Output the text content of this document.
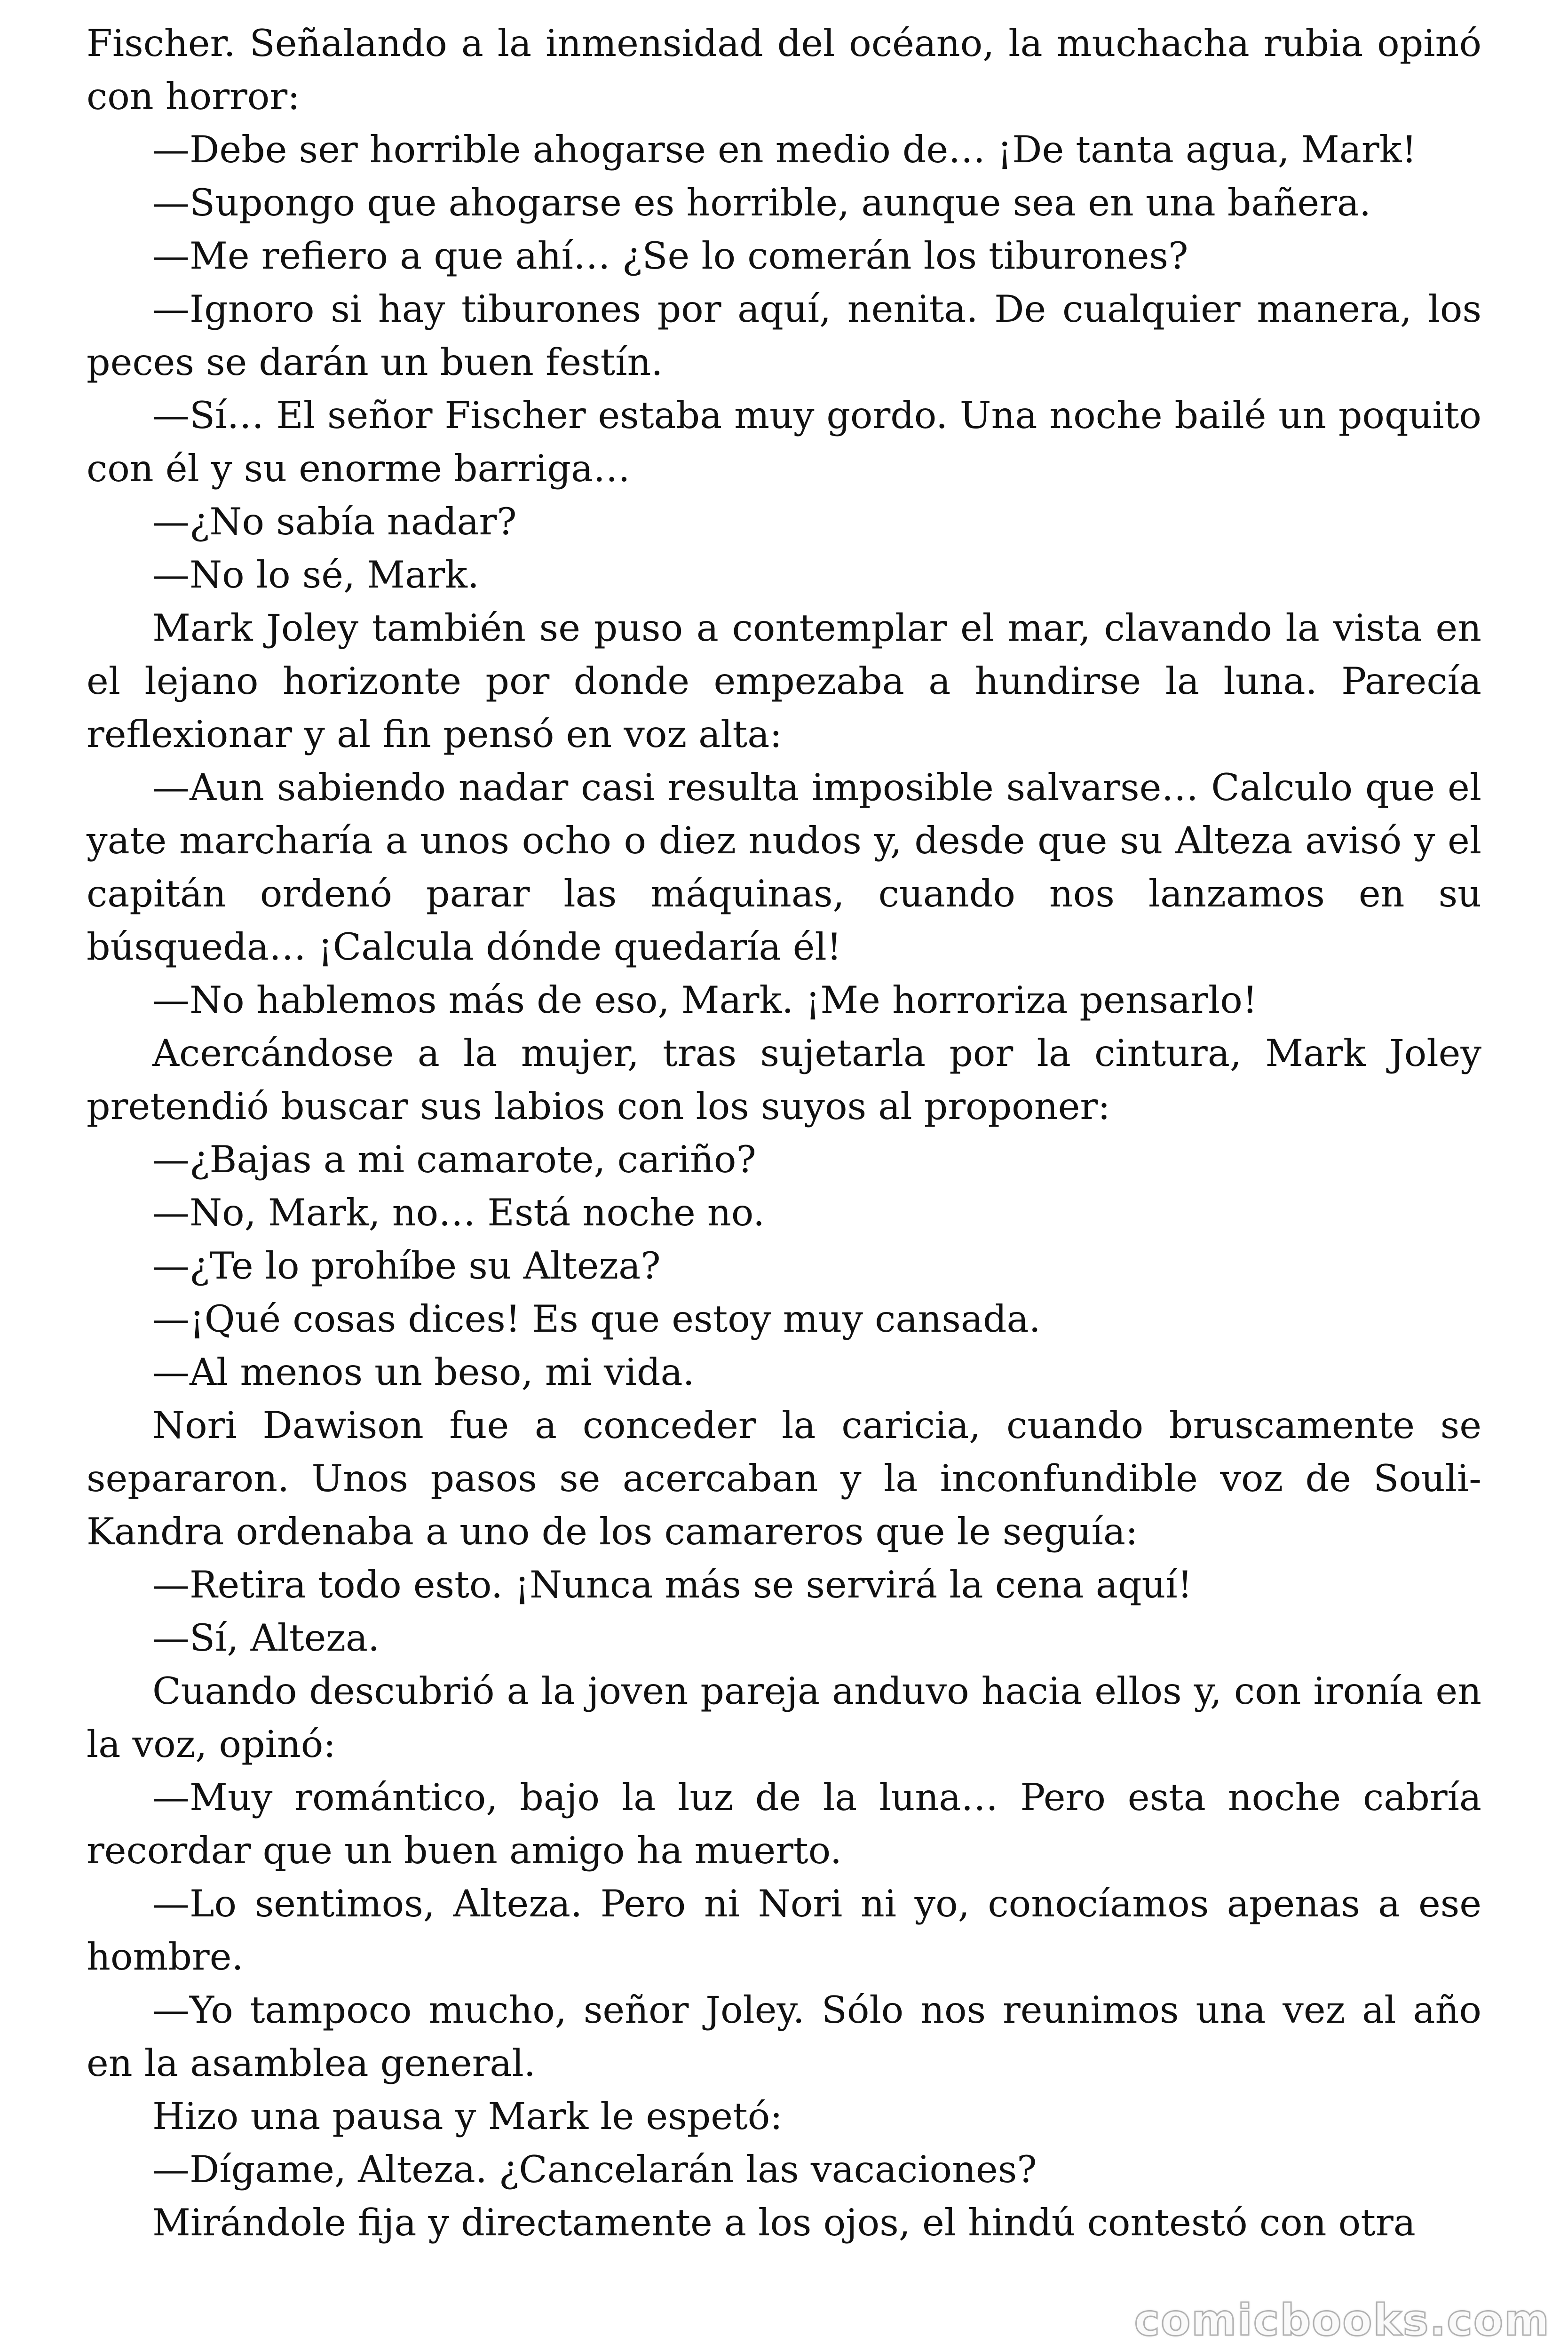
Fischer. Señalando a la inmensidad del océano, la muchacha rubia opinó con horror:

—Debe ser horrible ahogarse en medio de… ¡De tanta agua, Mark!

—Supongo que ahogarse es horrible, aunque sea en una bañera.

—Me refiero a que ahí… ¿Se lo comerán los tiburones?

—Ignoro si hay tiburones por aquí, nenita. De cualquier manera, los peces se darán un buen festín.

—Sí… El señor Fischer estaba muy gordo. Una noche bailé un poquito con él y su enorme barriga…

—¿No sabía nadar?

—No lo sé, Mark.

Mark Joley también se puso a contemplar el mar, clavando la vista en el lejano horizonte por donde empezaba a hundirse la luna. Parecía reflexionar y al fin pensó en voz alta:

—Aun sabiendo nadar casi resulta imposible salvarse… Calculo que el yate marcharía a unos ocho o diez nudos y, desde que su Alteza avisó y el capitán ordenó parar las máquinas, cuando nos lanzamos en su búsqueda… ¡Calcula dónde quedaría él!

—No hablemos más de eso, Mark. ¡Me horroriza pensarlo!

Acercándose a la mujer, tras sujetarla por la cintura, Mark Joley pretendió buscar sus labios con los suyos al proponer:

—¿Bajas a mi camarote, cariño?

—No, Mark, no… Está noche no.

—¿Te lo prohíbe su Alteza?

—¡Qué cosas dices! Es que estoy muy cansada.

—Al menos un beso, mi vida.

Nori Dawison fue a conceder la caricia, cuando bruscamente se separaron. Unos pasos se acercaban y la inconfundible voz de Souli-Kandra ordenaba a uno de los camareros que le seguía:

—Retira todo esto. ¡Nunca más se servirá la cena aquí!

—Sí, Alteza.

Cuando descubrió a la joven pareja anduvo hacia ellos y, con ironía en la voz, opinó:

—Muy romántico, bajo la luz de la luna… Pero esta noche cabría recordar que un buen amigo ha muerto.

—Lo sentimos, Alteza. Pero ni Nori ni yo, conocíamos apenas a ese hombre.

—Yo tampoco mucho, señor Joley. Sólo nos reunimos una vez al año en la asamblea general.

Hizo una pausa y Mark le espetó:

—Dígame, Alteza. ¿Cancelarán las vacaciones?

Mirándole fija y directamente a los ojos, el hindú contestó con otra

comicbooks.com
